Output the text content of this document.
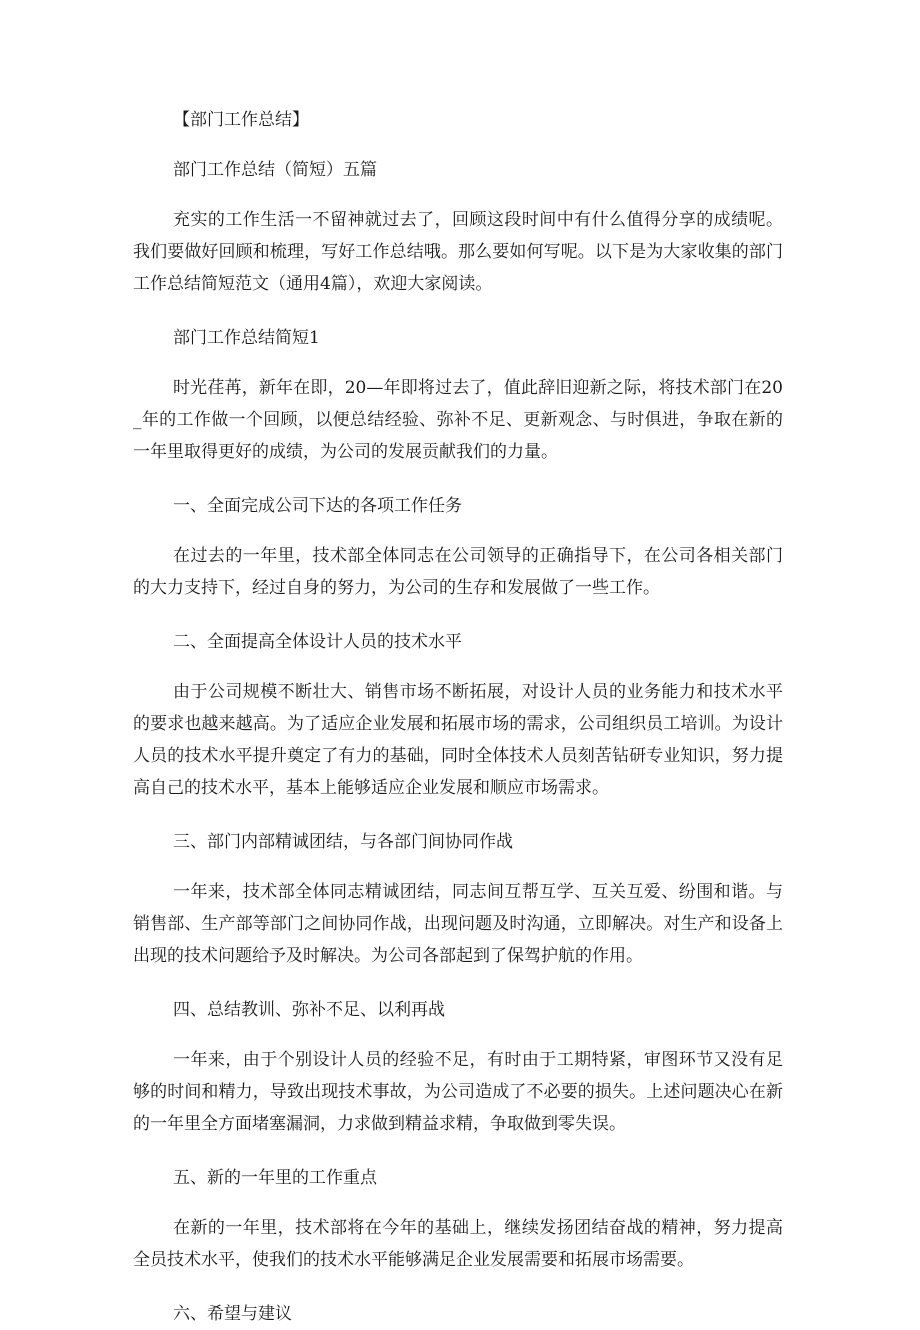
【部门工作总结】

部门工作总结（简短）五篇

充实的工作生活一不留神就过去了，回顾这段时间中有什么值得分享的成绩呢。我们要做好回顾和梳理，写好工作总结哦。那么要如何写呢。以下是为大家收集的部门工作总结简短范文（通用4篇），欢迎大家阅读。

部门工作总结简短1

时光荏苒，新年在即，20—年即将过去了，值此辞旧迎新之际，将技术部门在20_年的工作做一个回顾，以便总结经验、弥补不足、更新观念、与时俱进，争取在新的一年里取得更好的成绩，为公司的发展贡献我们的力量。

一、全面完成公司下达的各项工作任务

在过去的一年里，技术部全体同志在公司领导的正确指导下，在公司各相关部门的大力支持下，经过自身的努力，为公司的生存和发展做了一些工作。

二、全面提高全体设计人员的技术水平

由于公司规模不断壮大、销售市场不断拓展，对设计人员的业务能力和技术水平的要求也越来越高。为了适应企业发展和拓展市场的需求，公司组织员工培训。为设计人员的技术水平提升奠定了有力的基础，同时全体技术人员刻苦钻研专业知识，努力提高自己的技术水平，基本上能够适应企业发展和顺应市场需求。

三、部门内部精诚团结，与各部门间协同作战

一年来，技术部全体同志精诚团结，同志间互帮互学、互关互爱、纷围和谐。与销售部、生产部等部门之间协同作战，出现问题及时沟通，立即解决。对生产和设备上出现的技术问题给予及时解决。为公司各部起到了保驾护航的作用。

四、总结教训、弥补不足、以利再战

一年来，由于个别设计人员的经验不足，有时由于工期特紧，审图环节又没有足够的时间和精力，导致出现技术事故，为公司造成了不必要的损失。上述问题决心在新的一年里全方面堵塞漏洞，力求做到精益求精，争取做到零失误。

五、新的一年里的工作重点

在新的一年里，技术部将在今年的基础上，继续发扬团结奋战的精神，努力提高全员技术水平，使我们的技术水平能够满足企业发展需要和拓展市场需要。

六、希望与建议
